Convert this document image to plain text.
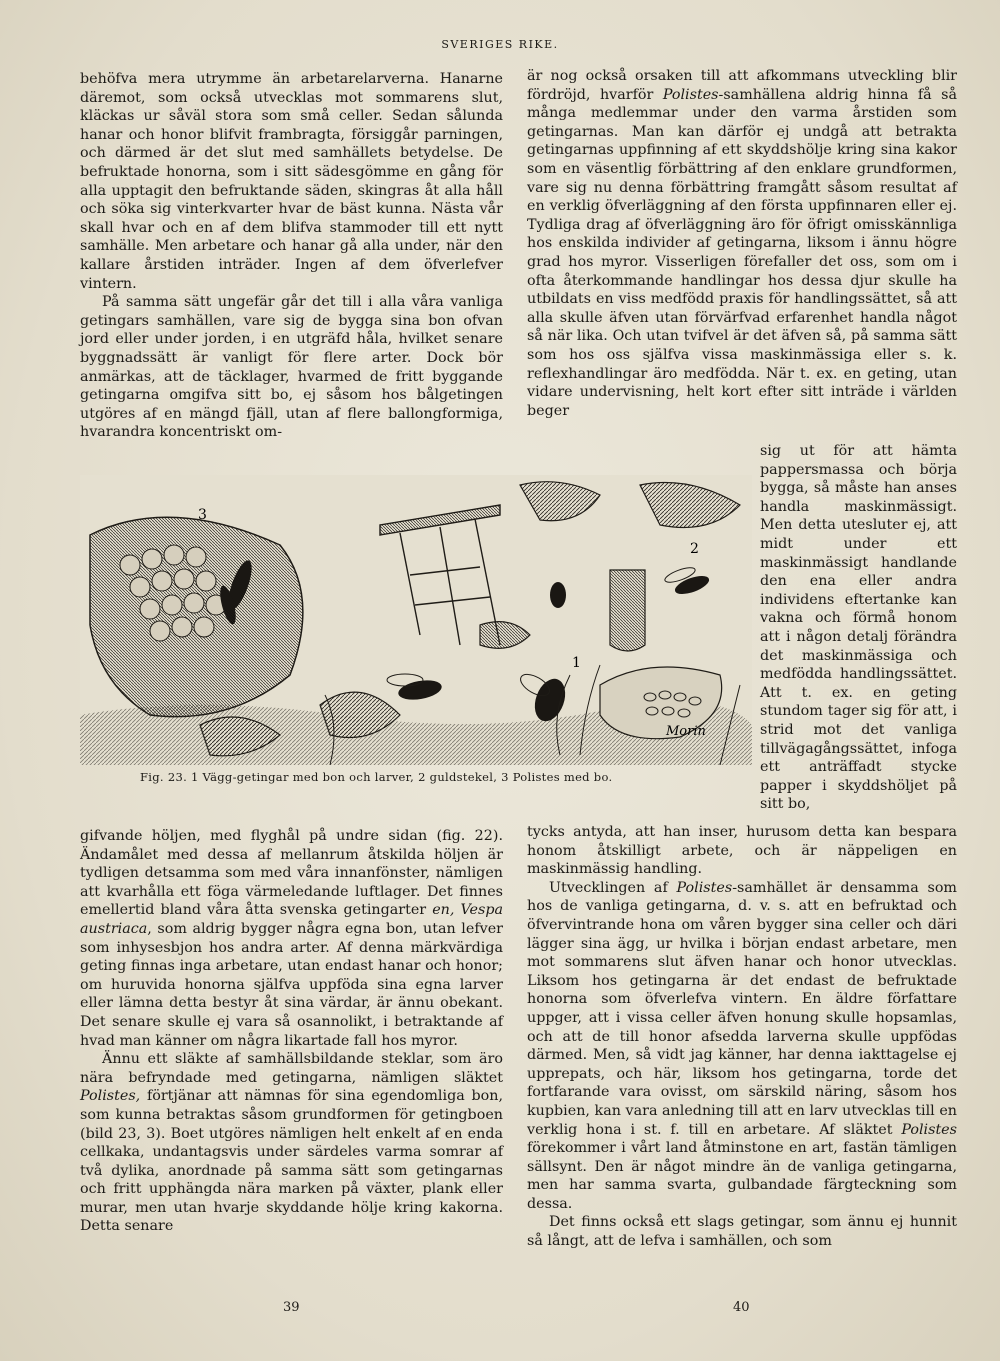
SVERIGES RIKE.

behöfva mera utrymme än arbetarelarverna. Hanarne däremot, som också utvecklas mot sommarens slut, kläckas ur såväl stora som små celler. Sedan sålunda hanar och honor blifvit frambragta, försiggår parningen, och därmed är det slut med samhällets betydelse. De befruktade honorna, som i sitt sädesgömme en gång för alla upptagit den befruktande säden, skingras åt alla håll och söka sig vinterkvarter hvar de bäst kunna. Nästa vår skall hvar och en af dem blifva stammoder till ett nytt samhälle. Men arbetare och hanar gå alla under, när den kallare årstiden inträder. Ingen af dem öfverlefver vintern.

På samma sätt ungefär går det till i alla våra vanliga getingars samhällen, vare sig de bygga sina bon ofvan jord eller under jorden, i en utgräfd håla, hvilket senare byggnadssätt är vanligt för flere arter. Dock bör anmärkas, att de täcklager, hvarmed de fritt byggande getingarna omgifva sitt bo, ej såsom hos bålgetingen utgöres af en mängd fjäll, utan af flere ballongformiga, hvarandra koncentriskt om-

är nog också orsaken till att afkommans utveckling blir fördröjd, hvarför Polistes-samhällena aldrig hinna få så många medlemmar under den varma årstiden som getingarnas. Man kan därför ej undgå att betrakta getingarnas uppfinning af ett skyddshölje kring sina kakor som en väsentlig förbättring af den enklare grundformen, vare sig nu denna förbättring framgått såsom resultat af en verklig öfverläggning af den första uppfinnaren eller ej. Tydliga drag af öfverläggning äro för öfrigt omisskännliga hos enskilda individer af getingarna, liksom i ännu högre grad hos myror. Visserligen förefaller det oss, som om i ofta återkommande handlingar hos dessa djur skulle ha utbildats en viss medfödd praxis för handlingssättet, så att alla skulle äfven utan förvärfvad erfarenhet handla något så när lika. Och utan tvifvel är det äfven så, på samma sätt som hos oss själfva vissa maskinmässiga eller s. k. reflexhandlingar äro medfödda. När t. ex. en geting, utan vidare undervisning, helt kort efter sitt inträde i världen beger

sig ut för att hämta pappersmassa och börja bygga, så måste han anses handla maskinmässigt. Men detta utesluter ej, att midt under ett maskinmässigt handlande den ena eller andra individens eftertanke kan vakna och förmå honom att i någon detalj förändra det maskinmässiga och medfödda handlingssättet. Att t. ex. en geting stundom tager sig för att, i strid mot det vanliga tillvägagångssättet, infoga ett anträffadt stycke papper i skyddshöljet på sitt bo,

3
2
1
Morin
Fig. 23. 1 Vägg-getingar med bon och larver, 2 guldstekel, 3 Polistes med bo.

gifvande höljen, med flyghål på undre sidan (fig. 22). Ändamålet med dessa af mellanrum åtskilda höljen är tydligen detsamma som med våra innanfönster, nämligen att kvarhålla ett föga värmeledande luftlager. Det finnes emellertid bland våra åtta svenska getingarter en, Vespa austriaca, som aldrig bygger några egna bon, utan lefver som inhysesbjon hos andra arter. Af denna märkvärdiga geting finnas inga arbetare, utan endast hanar och honor; om huruvida honorna själfva uppföda sina egna larver eller lämna detta bestyr åt sina värdar, är ännu obekant. Det senare skulle ej vara så osannolikt, i betraktande af hvad man känner om några likartade fall hos myror.

Ännu ett släkte af samhällsbildande steklar, som äro nära befryndade med getingarna, nämligen släktet Polistes, förtjänar att nämnas för sina egendomliga bon, som kunna betraktas såsom grundformen för getingboen (bild 23, 3). Boet utgöres nämligen helt enkelt af en enda cellkaka, undantagsvis under särdeles varma somrar af två dylika, anordnade på samma sätt som getingarnas och fritt upphängda nära marken på växter, plank eller murar, men utan hvarje skyddande hölje kring kakorna. Detta senare

tycks antyda, att han inser, hurusom detta kan bespara honom åtskilligt arbete, och är näppeligen en maskinmässig handling.

Utvecklingen af Polistes-samhället är densamma som hos de vanliga getingarna, d. v. s. att en befruktad och öfvervintrande hona om våren bygger sina celler och däri lägger sina ägg, ur hvilka i början endast arbetare, men mot sommarens slut äfven hanar och honor utvecklas. Liksom hos getingarna är det endast de befruktade honorna som öfverlefva vintern. En äldre författare uppger, att i vissa celler äfven honung skulle hopsamlas, och att de till honor afsedda larverna skulle uppfödas därmed. Men, så vidt jag känner, har denna iakttagelse ej upprepats, och här, liksom hos getingarna, torde det fortfarande vara ovisst, om särskild näring, såsom hos kupbien, kan vara anledning till att en larv utvecklas till en verklig hona i st. f. till en arbetare. Af släktet Polistes förekommer i vårt land åtminstone en art, fastän tämligen sällsynt. Den är något mindre än de vanliga getingarna, men har samma svarta, gulbandade färgteckning som dessa.

Det finns också ett slags getingar, som ännu ej hunnit så långt, att de lefva i samhällen, och som

39	40
